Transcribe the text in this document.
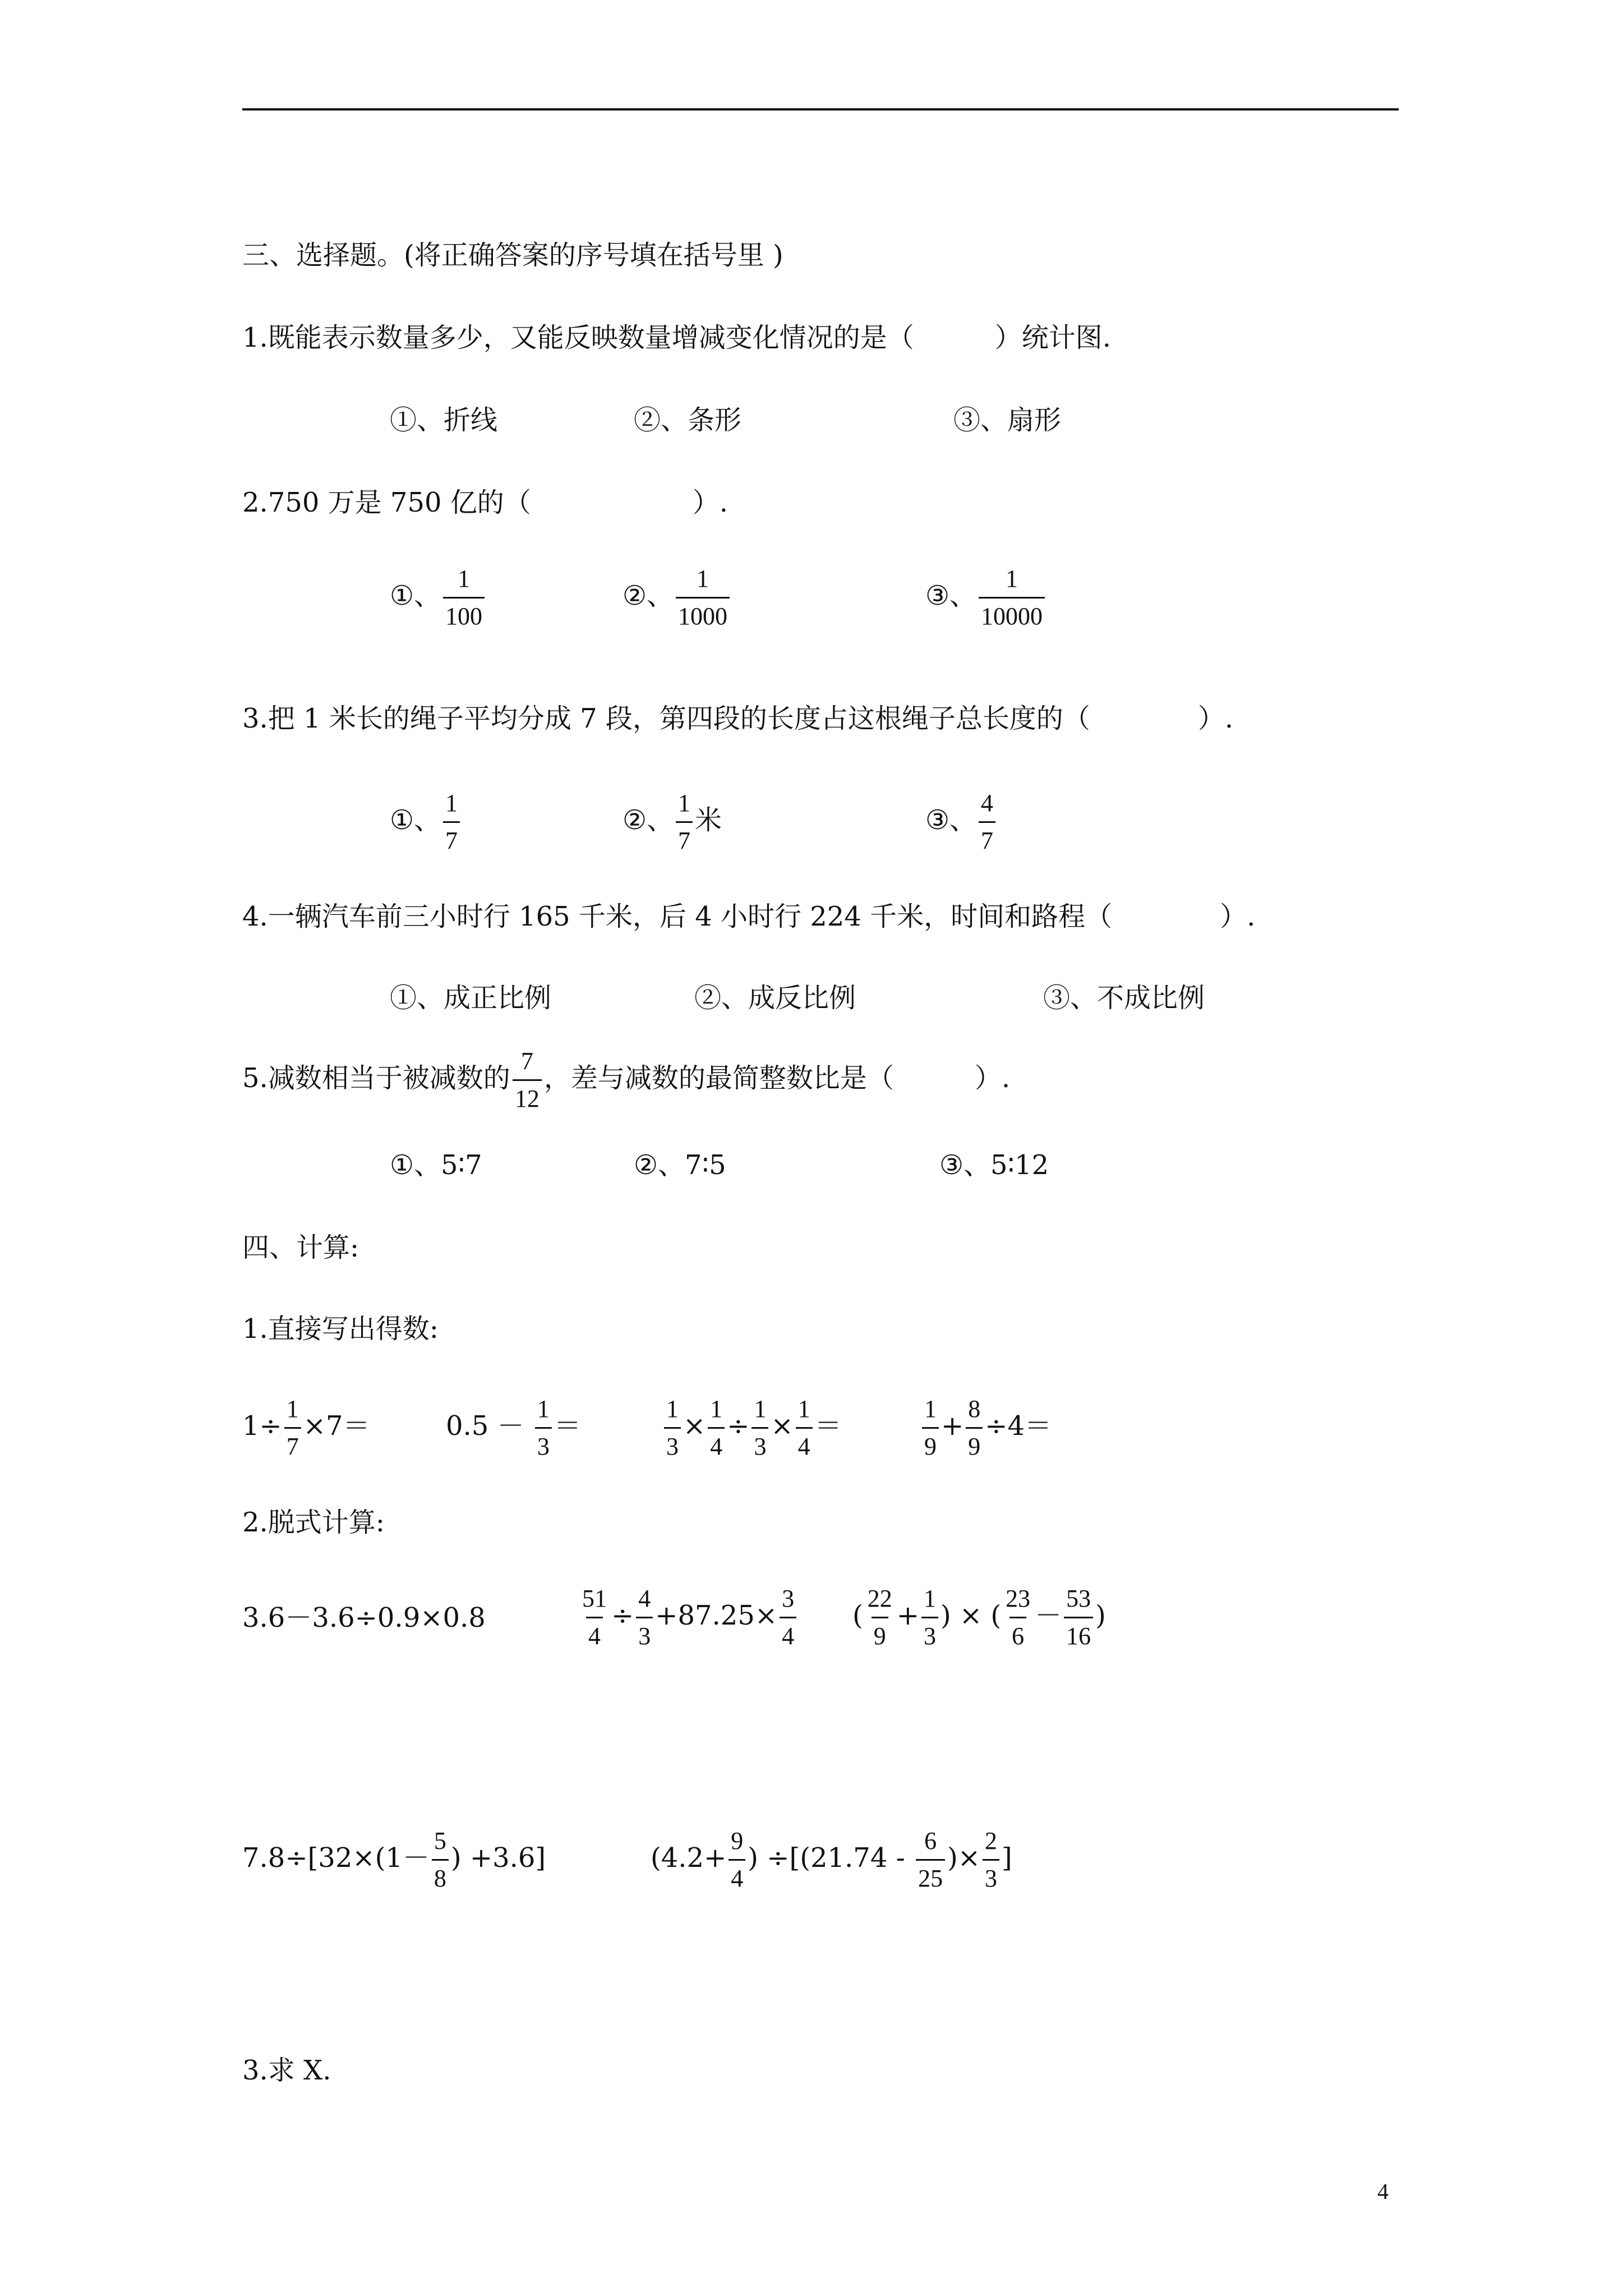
三、选择题。(将正确答案的序号填在括号里 )
1.既能表示数量多少，又能反映数量增减变化情况的是（　　　）统计图.
①、折线	②、条形	③、扇形
2.750 万是 750 亿的（　　　　　　）.
①、 $\frac{1}{100}$	②、 $\frac{1}{1000}$	③、 $\frac{1}{10000}$
3.把 1 米长的绳子平均分成 7 段，第四段的长度占这根绳子总长度的（　　　　）.
①、 $\frac{1}{7}$	②、 $\frac{1}{7}$ 米	③、 $\frac{4}{7}$
4.一辆汽车前三小时行 165 千米，后 4 小时行 224 千米，时间和路程（　　　　）.
①、成正比例	②、成反比例	③、不成比例
5.减数相当于被减数的 $\frac{7}{12}$ ，差与减数的最简整数比是（　　　）.
①、5∶7	②、7∶5	③、5∶12
四、计算:
1.直接写出得数:
$1\div \frac{1}{7} \times 7=$	$0.5 - \frac{1}{3}$ ＝	$\frac{1}{3} \times \frac{1}{4} \div \frac{1}{3} \times \frac{1}{4}$ ＝	$\frac{1}{9} + \frac{8}{9} \div 4=$
2.脱式计算:
3.6－3.6÷0.9×0.8	$\frac{51}{4} \div \frac{4}{3} +87.25\times \frac{3}{4}$ ( $\frac{22}{9} + \frac{1}{3}$ ) × ( $\frac{23}{6} - \frac{53}{16}$ )
$7.8\div[32\times(1- \frac{5}{8}$ ) +3.6]	($4.2+ \frac{9}{4}$ ) $\div[(21.74 - \frac{6}{25}$ )× $\frac{2}{3}$ ]
3.求 X.
4
